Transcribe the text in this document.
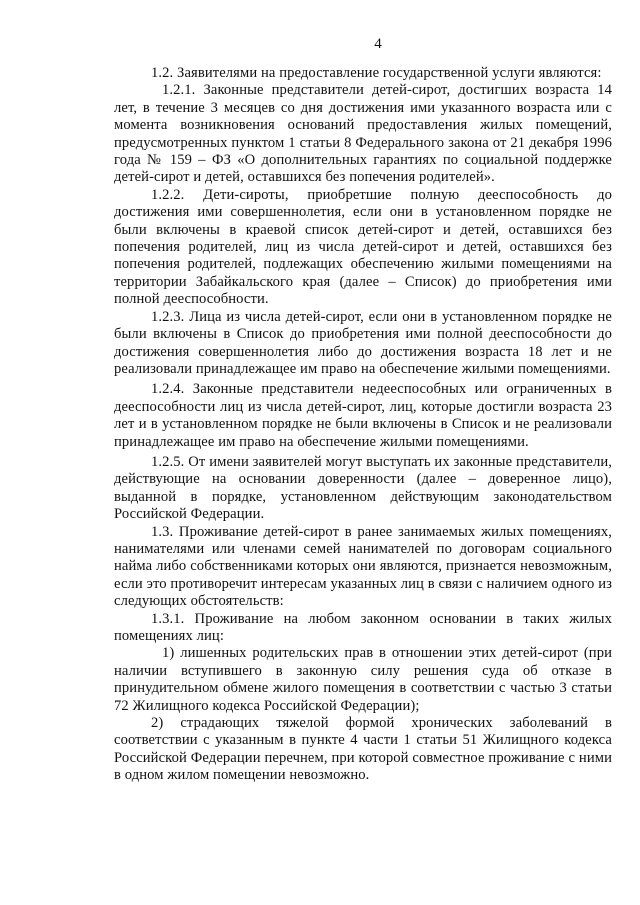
4

1.2. Заявителями на предоставление государственной услуги являются:

1.2.1. Законные представители детей-сирот, достигших возраста 14 лет, в течение 3 месяцев со дня достижения ими указанного возраста или с момента возникновения оснований предоставления жилых помещений, предусмотренных пунктом 1 статьи 8 Федерального закона от 21 декабря 1996 года № 159 – ФЗ «О дополнительных гарантиях по социальной поддержке детей-сирот и детей, оставшихся без попечения родителей».

1.2.2. Дети-сироты, приобретшие полную дееспособность до достижения ими совершеннолетия, если они в установленном порядке не были включены в краевой список детей-сирот и детей, оставшихся без попечения родителей, лиц из числа детей-сирот и детей, оставшихся без попечения родителей, подлежащих обеспечению жилыми помещениями на территории Забайкальского края (далее – Список) до приобретения ими полной дееспособности.

1.2.3. Лица из числа детей-сирот, если они в установленном порядке не были включены в Список до приобретения ими полной дееспособности до достижения совершеннолетия либо до достижения возраста 18 лет и не реализовали принадлежащее им право на обеспечение жилыми помещениями.

1.2.4. Законные представители недееспособных или ограниченных в дееспособности лиц из числа детей-сирот, лиц, которые достигли возраста 23 лет и в установленном порядке не были включены в Список и не реализовали принадлежащее им право на обеспечение жилыми помещениями.

1.2.5. От имени заявителей могут выступать их законные представители, действующие на основании доверенности (далее – доверенное лицо), выданной в порядке, установленном действующим законодательством Российской Федерации.

1.3. Проживание детей-сирот в ранее занимаемых жилых помещениях, нанимателями или членами семей нанимателей по договорам социального найма либо собственниками которых они являются, признается невозможным, если это противоречит интересам указанных лиц в связи с наличием одного из следующих обстоятельств:

1.3.1. Проживание на любом законном основании в таких жилых помещениях лиц:

1) лишенных родительских прав в отношении этих детей-сирот (при наличии вступившего в законную силу решения суда об отказе в принудительном обмене жилого помещения в соответствии с частью 3 статьи 72 Жилищного кодекса Российской Федерации);

2) страдающих тяжелой формой хронических заболеваний в соответствии с указанным в пункте 4 части 1 статьи 51 Жилищного кодекса Российской Федерации перечнем, при которой совместное проживание с ними в одном жилом помещении невозможно.
